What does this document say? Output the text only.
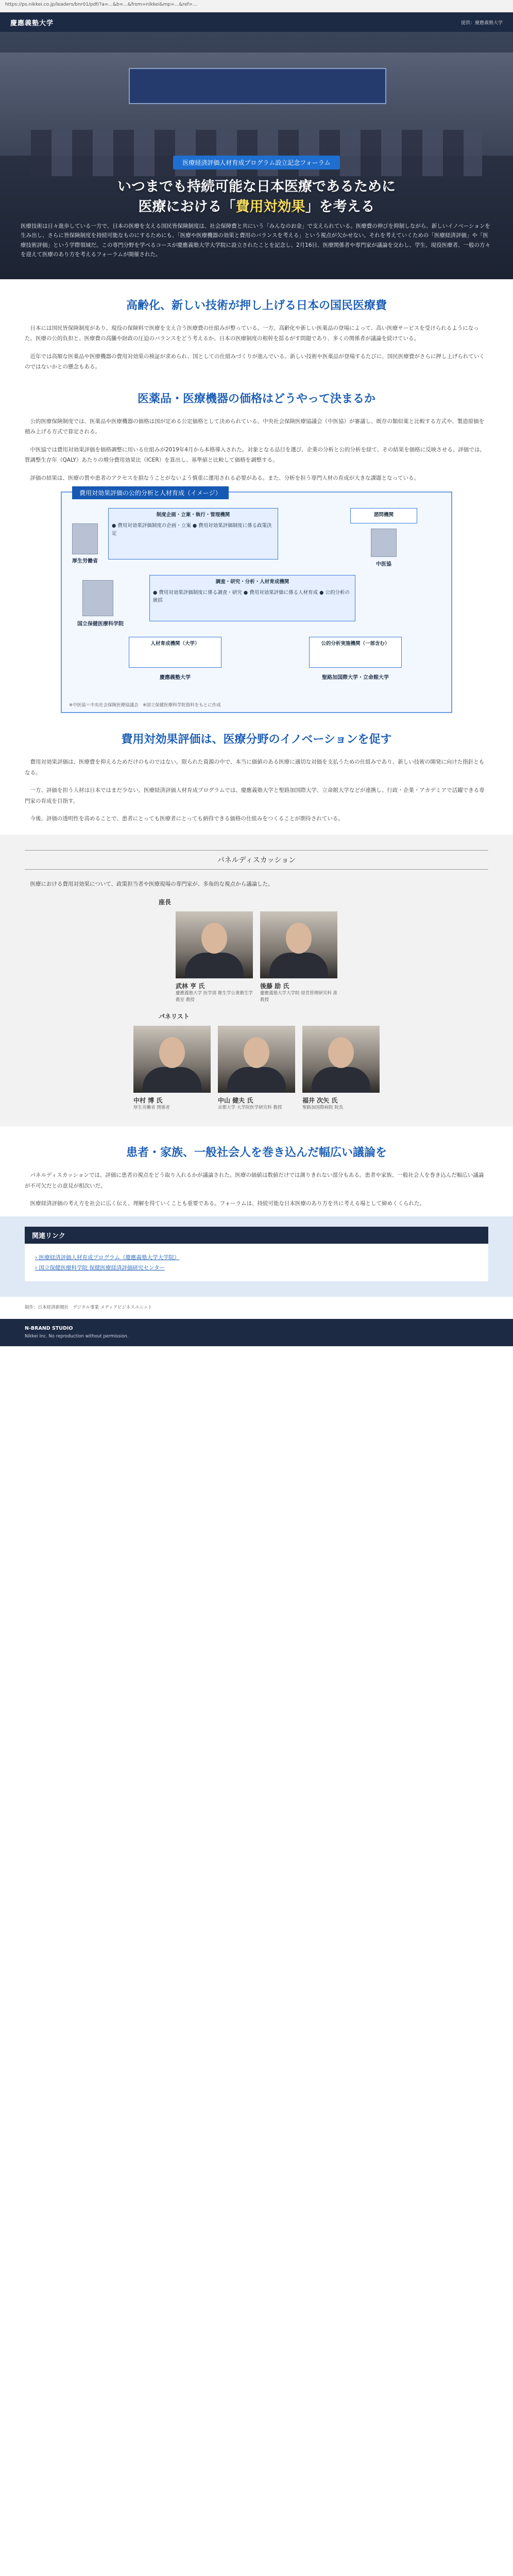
https://ps.nikkei.co.jp/leaders/bnr01/pdf/?a=...&b=...&from=nikkei&mp=...&ref=...
慶應義塾大学	提供：慶應義塾大学
医療経済評価人材育成プログラム設立記念フォーラム
いつまでも持続可能な日本医療であるために
医療における「費用対効果」を考える
医療技術は日々進歩している一方で、日本の医療を支える国民皆保険制度は、社会保障費と共にいう「みんなのお金」で支えられている。医療費の伸びを抑制しながら、新しいイノベーションを生み出し、さらに皆保険制度を持続可能なものにするためにも、「医療や医療機器の効果と費用のバランスを考える」という視点が欠かせない。それを考えていくための「医療経済評価」や「医療技術評価」という学際領域だ。この専門分野を学べるコースが慶應義塾大学大学院に設立されたことを記念し、2月16日、医療関係者や専門家が議論を交わし、学生、現役医療者、一般の方々を迎えて医療のあり方を考えるフォーラムが開催された。
高齢化、新しい技術が押し上げる日本の国民医療費

日本には国民皆保険制度があり、現役の保険料で医療を支え合う医療費の仕組みが整っている。一方、高齢化や新しい医薬品の登場によって、高い医療サービスを受けられるようになった。医療の公的負担と、医療費の高騰や財政の圧迫のバランスをどう考えるか。日本の医療制度の根幹を揺るがす問題であり、多くの関係者が議論を続けている。

近年では高額な医薬品や医療機器の費用対効果の検証が求められ、国としての仕組みづくりが進んでいる。新しい技術や医薬品が登場するたびに、国民医療費がさらに押し上げられていくのではないかとの懸念もある。

医薬品・医療機器の価格はどうやって決まるか

公的医療保険制度では、医薬品や医療機器の価格は国が定める公定価格として決められている。中央社会保険医療協議会（中医協）が審議し、既存の類似薬と比較する方式や、製造原価を積み上げる方式で算定される。

中医協では費用対効果評価を価格調整に用いる仕組みが2019年4月から本格導入された。対象となる品目を選び、企業の分析と公的分析を経て、その結果を価格に反映させる。評価では、質調整生存年（QALY）あたりの増分費用効果比（ICER）を算出し、基準値と比較して価格を調整する。

評価の結果は、医療の質や患者のアクセスを損なうことがないよう慎重に運用される必要がある。また、分析を担う専門人材の育成が大きな課題となっている。

費用対効果評価の公的分析と人材育成（イメージ）
制度企画・立案・執行・管理機関
● 費用対効果評価制度の企画・立案 ● 費用対効果評価制度に係る政策決定
厚生労働省
諮問機関
中医協
調査・研究・分析・人材育成機関
● 費用対効果評価制度に係る調査・研究 ● 費用対効果評価に係る人材育成 ● 公的分析の統括
国立保健医療科学院
人材育成機関（大学）
慶應義塾大学
公的分析実施機関（一部含む）
聖路加国際大学・立命館大学
※中医協＝中央社会保険医療協議会　※国立保健医療科学院資料をもとに作成
費用対効果評価は、医療分野のイノベーションを促す

費用対効果評価は、医療費を抑えるためだけのものではない。限られた資源の中で、本当に価値のある医療に適切な対価を支払うための仕組みであり、新しい技術の開発に向けた指針ともなる。

一方、評価を担う人材は日本ではまだ少ない。医療経済評価人材育成プログラムでは、慶應義塾大学と聖路加国際大学、立命館大学などが連携し、行政・企業・アカデミアで活躍できる専門家の育成を目指す。

今後、評価の透明性を高めることで、患者にとっても医療者にとっても納得できる価格の仕組みをつくることが期待されている。

パネルディスカッション

医療における費用対効果について、政策担当者や医療現場の専門家が、多角的な視点から議論した。

座長
武林 亨 氏
慶應義塾大学 医学部 衛生学公衆衛生学教室 教授
後藤 励 氏
慶應義塾大学大学院 経営管理研究科 准教授
パネリスト
中村 博 氏
厚生労働省 関係者
中山 健夫 氏
京都大学 大学院医学研究科 教授
福井 次矢 氏
聖路加国際病院 院長
患者・家族、一般社会人を巻き込んだ幅広い議論を

パネルディスカッションでは、評価に患者の視点をどう取り入れるかが議論された。医療の価値は数値だけでは測りきれない部分もある。患者や家族、一般社会人を巻き込んだ幅広い議論が不可欠だとの意見が相次いだ。

医療経済評価の考え方を社会に広く伝え、理解を得ていくことも重要である。フォーラムは、持続可能な日本医療のあり方を共に考える場として締めくくられた。

関連リンク
› 医療経済評価人材育成プログラム（慶應義塾大学大学院）
› 国立保健医療科学院 保健医療経済評価研究センター
制作：日本経済新聞社　デジタル事業 メディアビジネスユニット
N-BRAND STUDIO
Nikkei Inc. No reproduction without permission.
